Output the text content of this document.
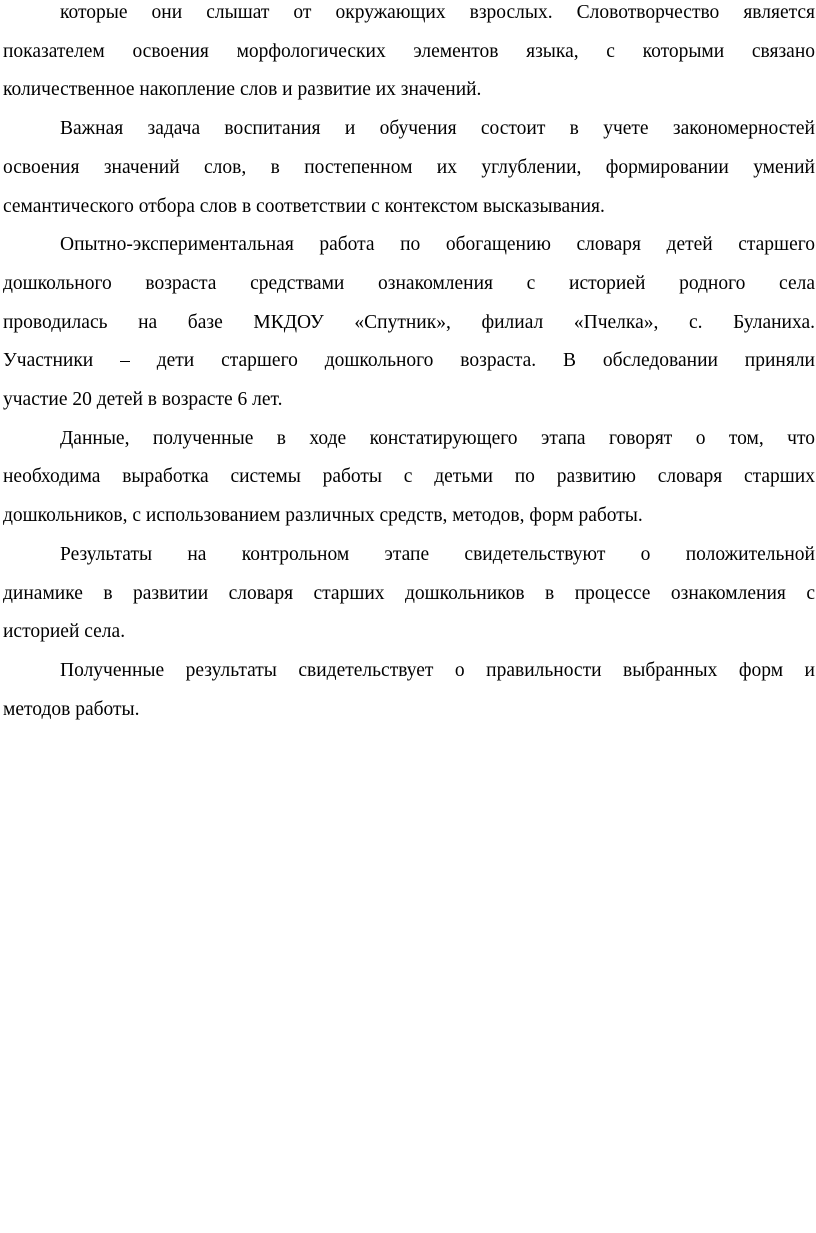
которые они слышат от окружающих взрослых. Словотворчество является
показателем освоения морфологических элементов языка, с которыми связано
количественное накопление слов и развитие их значений.
Важная задача воспитания и обучения состоит в учете закономерностей
освоения значений слов, в постепенном их углублении, формировании умений
семантического отбора слов в соответствии с контекстом высказывания.
Опытно-экспериментальная работа по обогащению словаря детей старшего
дошкольного возраста средствами ознакомления с историей родного села
проводилась на базе МКДОУ «Спутник», филиал «Пчелка», с. Буланиха.
Участники – дети старшего дошкольного возраста. В обследовании приняли
участие 20 детей в возрасте 6 лет.
Данные, полученные в ходе констатирующего этапа говорят о том, что
необходима выработка системы работы с детьми по развитию словаря старших
дошкольников, с использованием различных средств, методов, форм работы.
Результаты на контрольном этапе свидетельствуют о положительной
динамике в развитии словаря старших дошкольников в процессе ознакомления с
историей села.
Полученные результаты свидетельствует о правильности выбранных форм и
методов работы.
